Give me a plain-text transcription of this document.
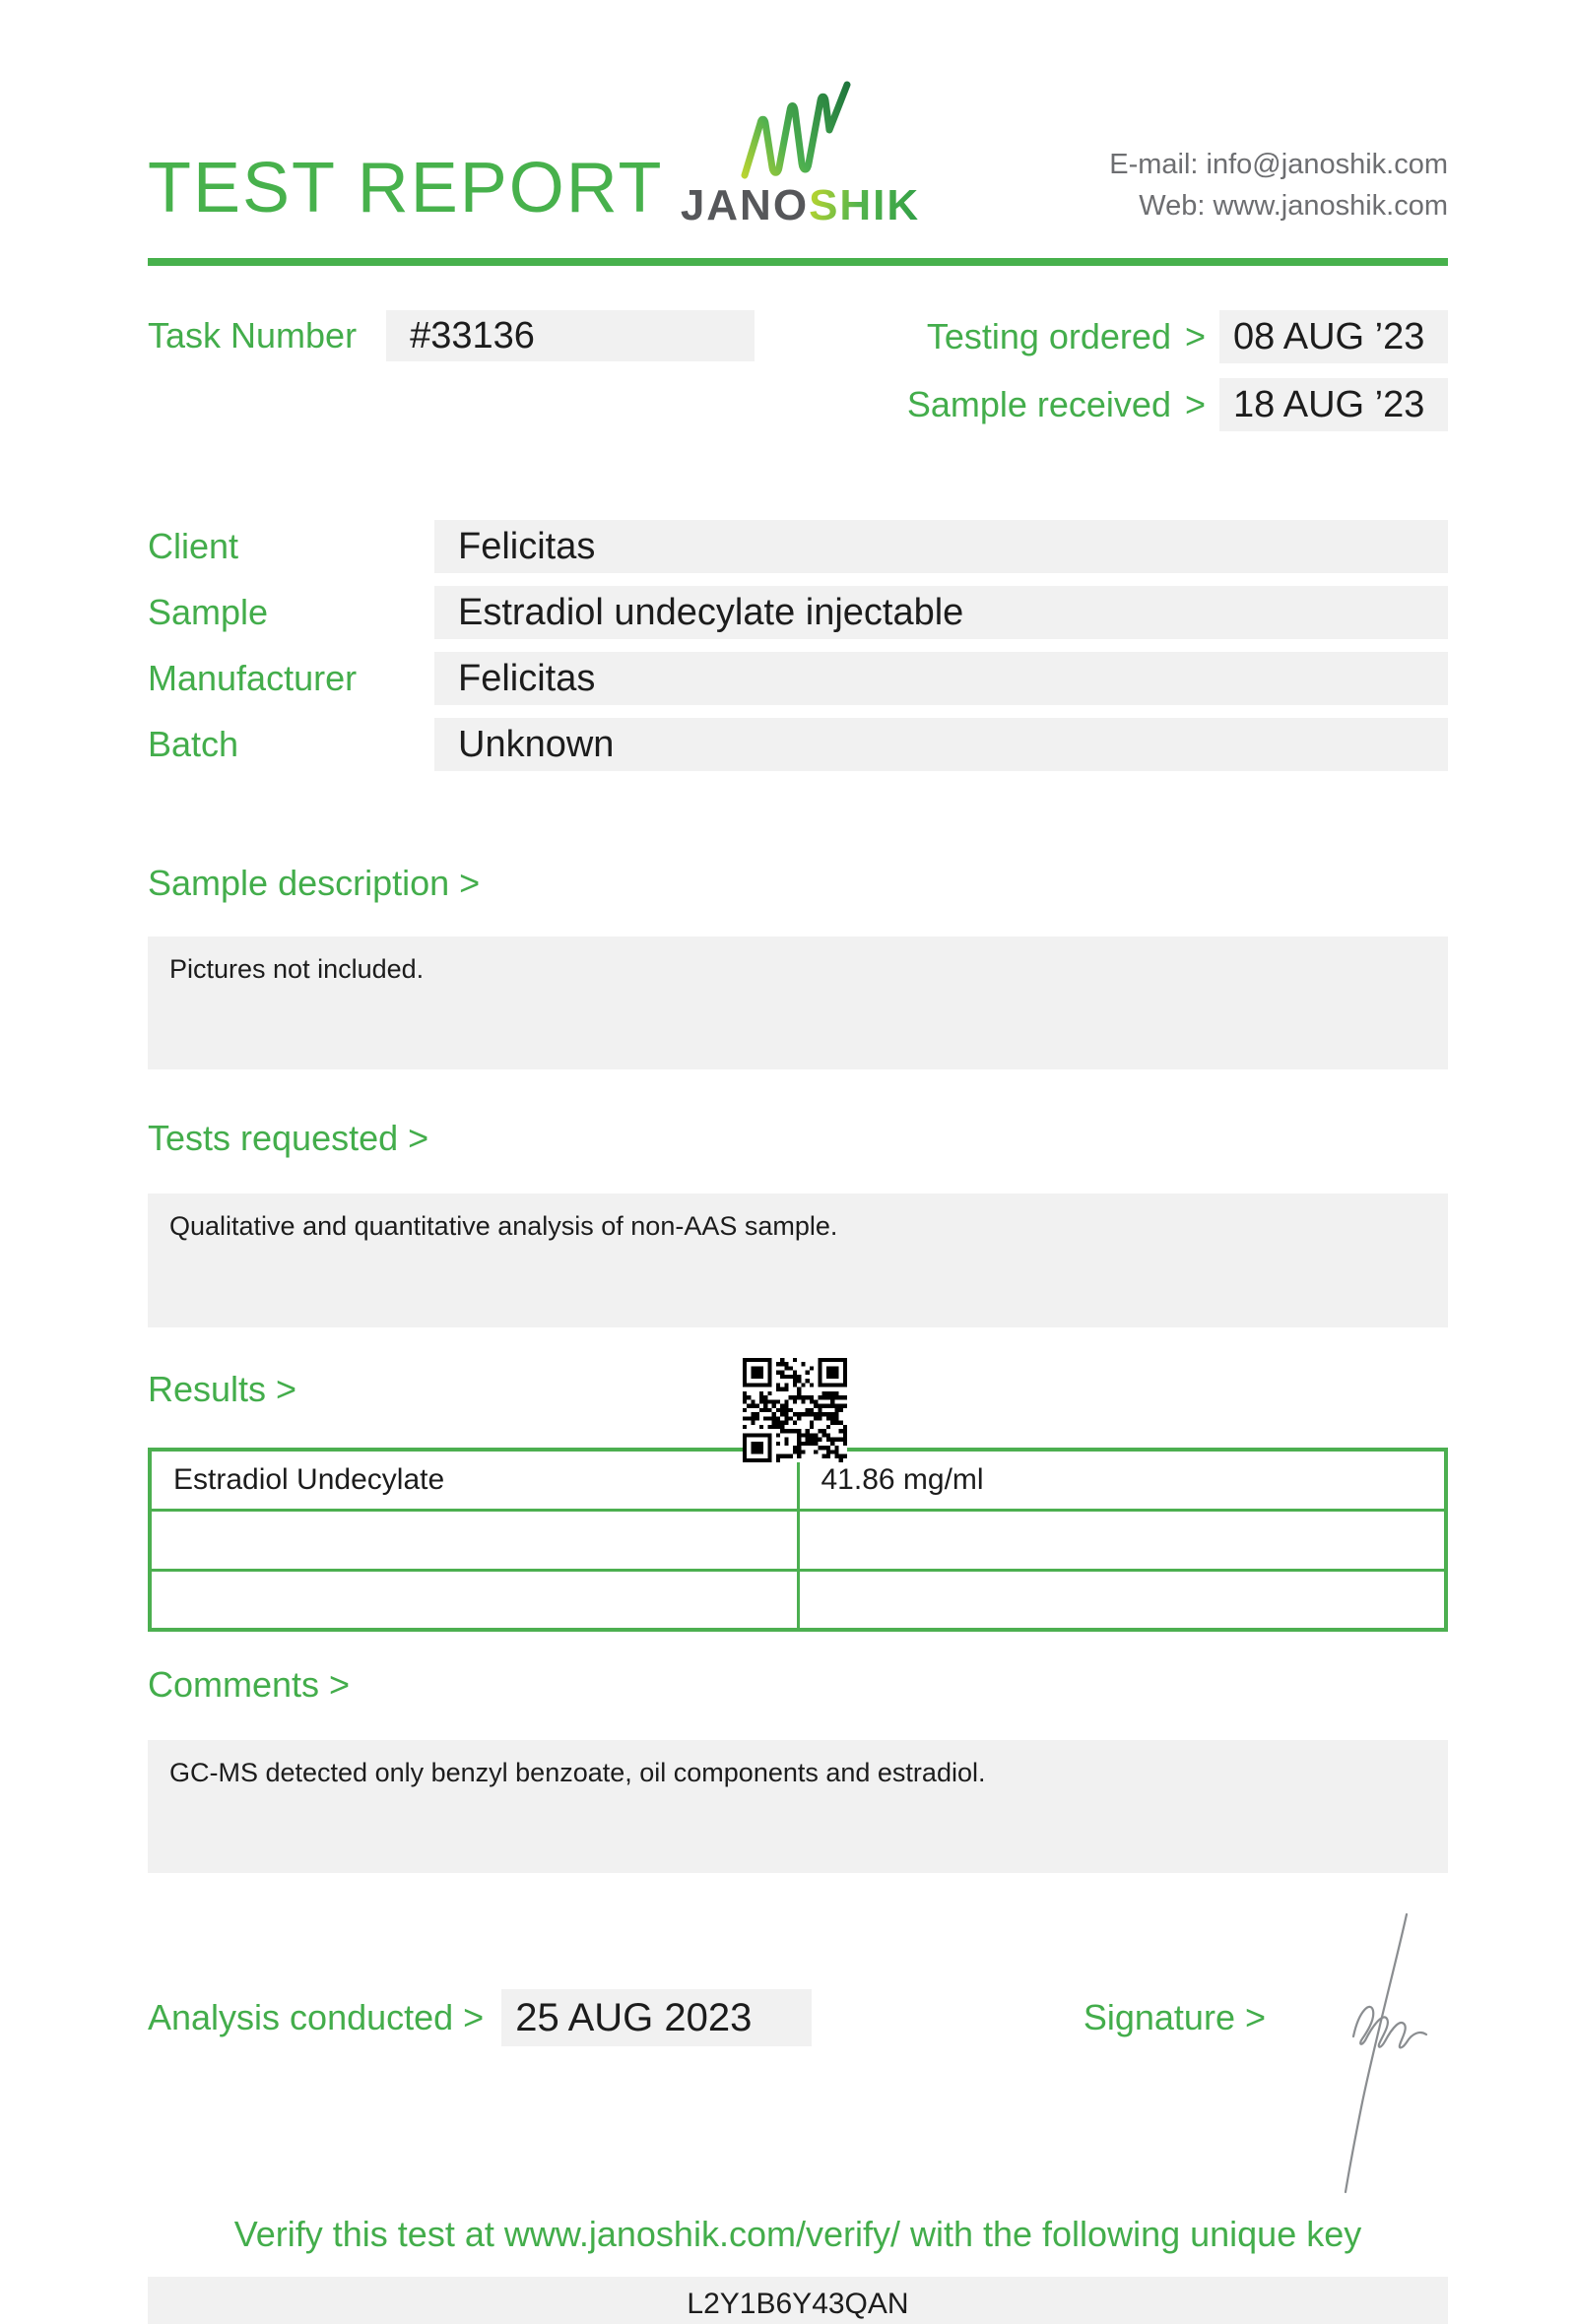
TEST REPORT JANOSHIK
E-mail: info@janoshik.com
Web: www.janoshik.com
Task Number	#33136	Testing ordered > 08 AUG ’23
Sample received > 18 AUG ’23
Client	Felicitas
Sample	Estradiol undecylate injectable
Manufacturer	Felicitas
Batch	Unknown
Sample description >
Pictures not included.
Tests requested >
Qualitative and quantitative analysis of non-AAS sample.
Results >
Estradiol Undecylate	41.86 mg/ml

Comments >
GC-MS detected only benzyl benzoate, oil components and estradiol.
Analysis conducted > 25 AUG 2023	Signature >
Verify this test at www.janoshik.com/verify/ with the following unique key
L2Y1B6Y43QAN
